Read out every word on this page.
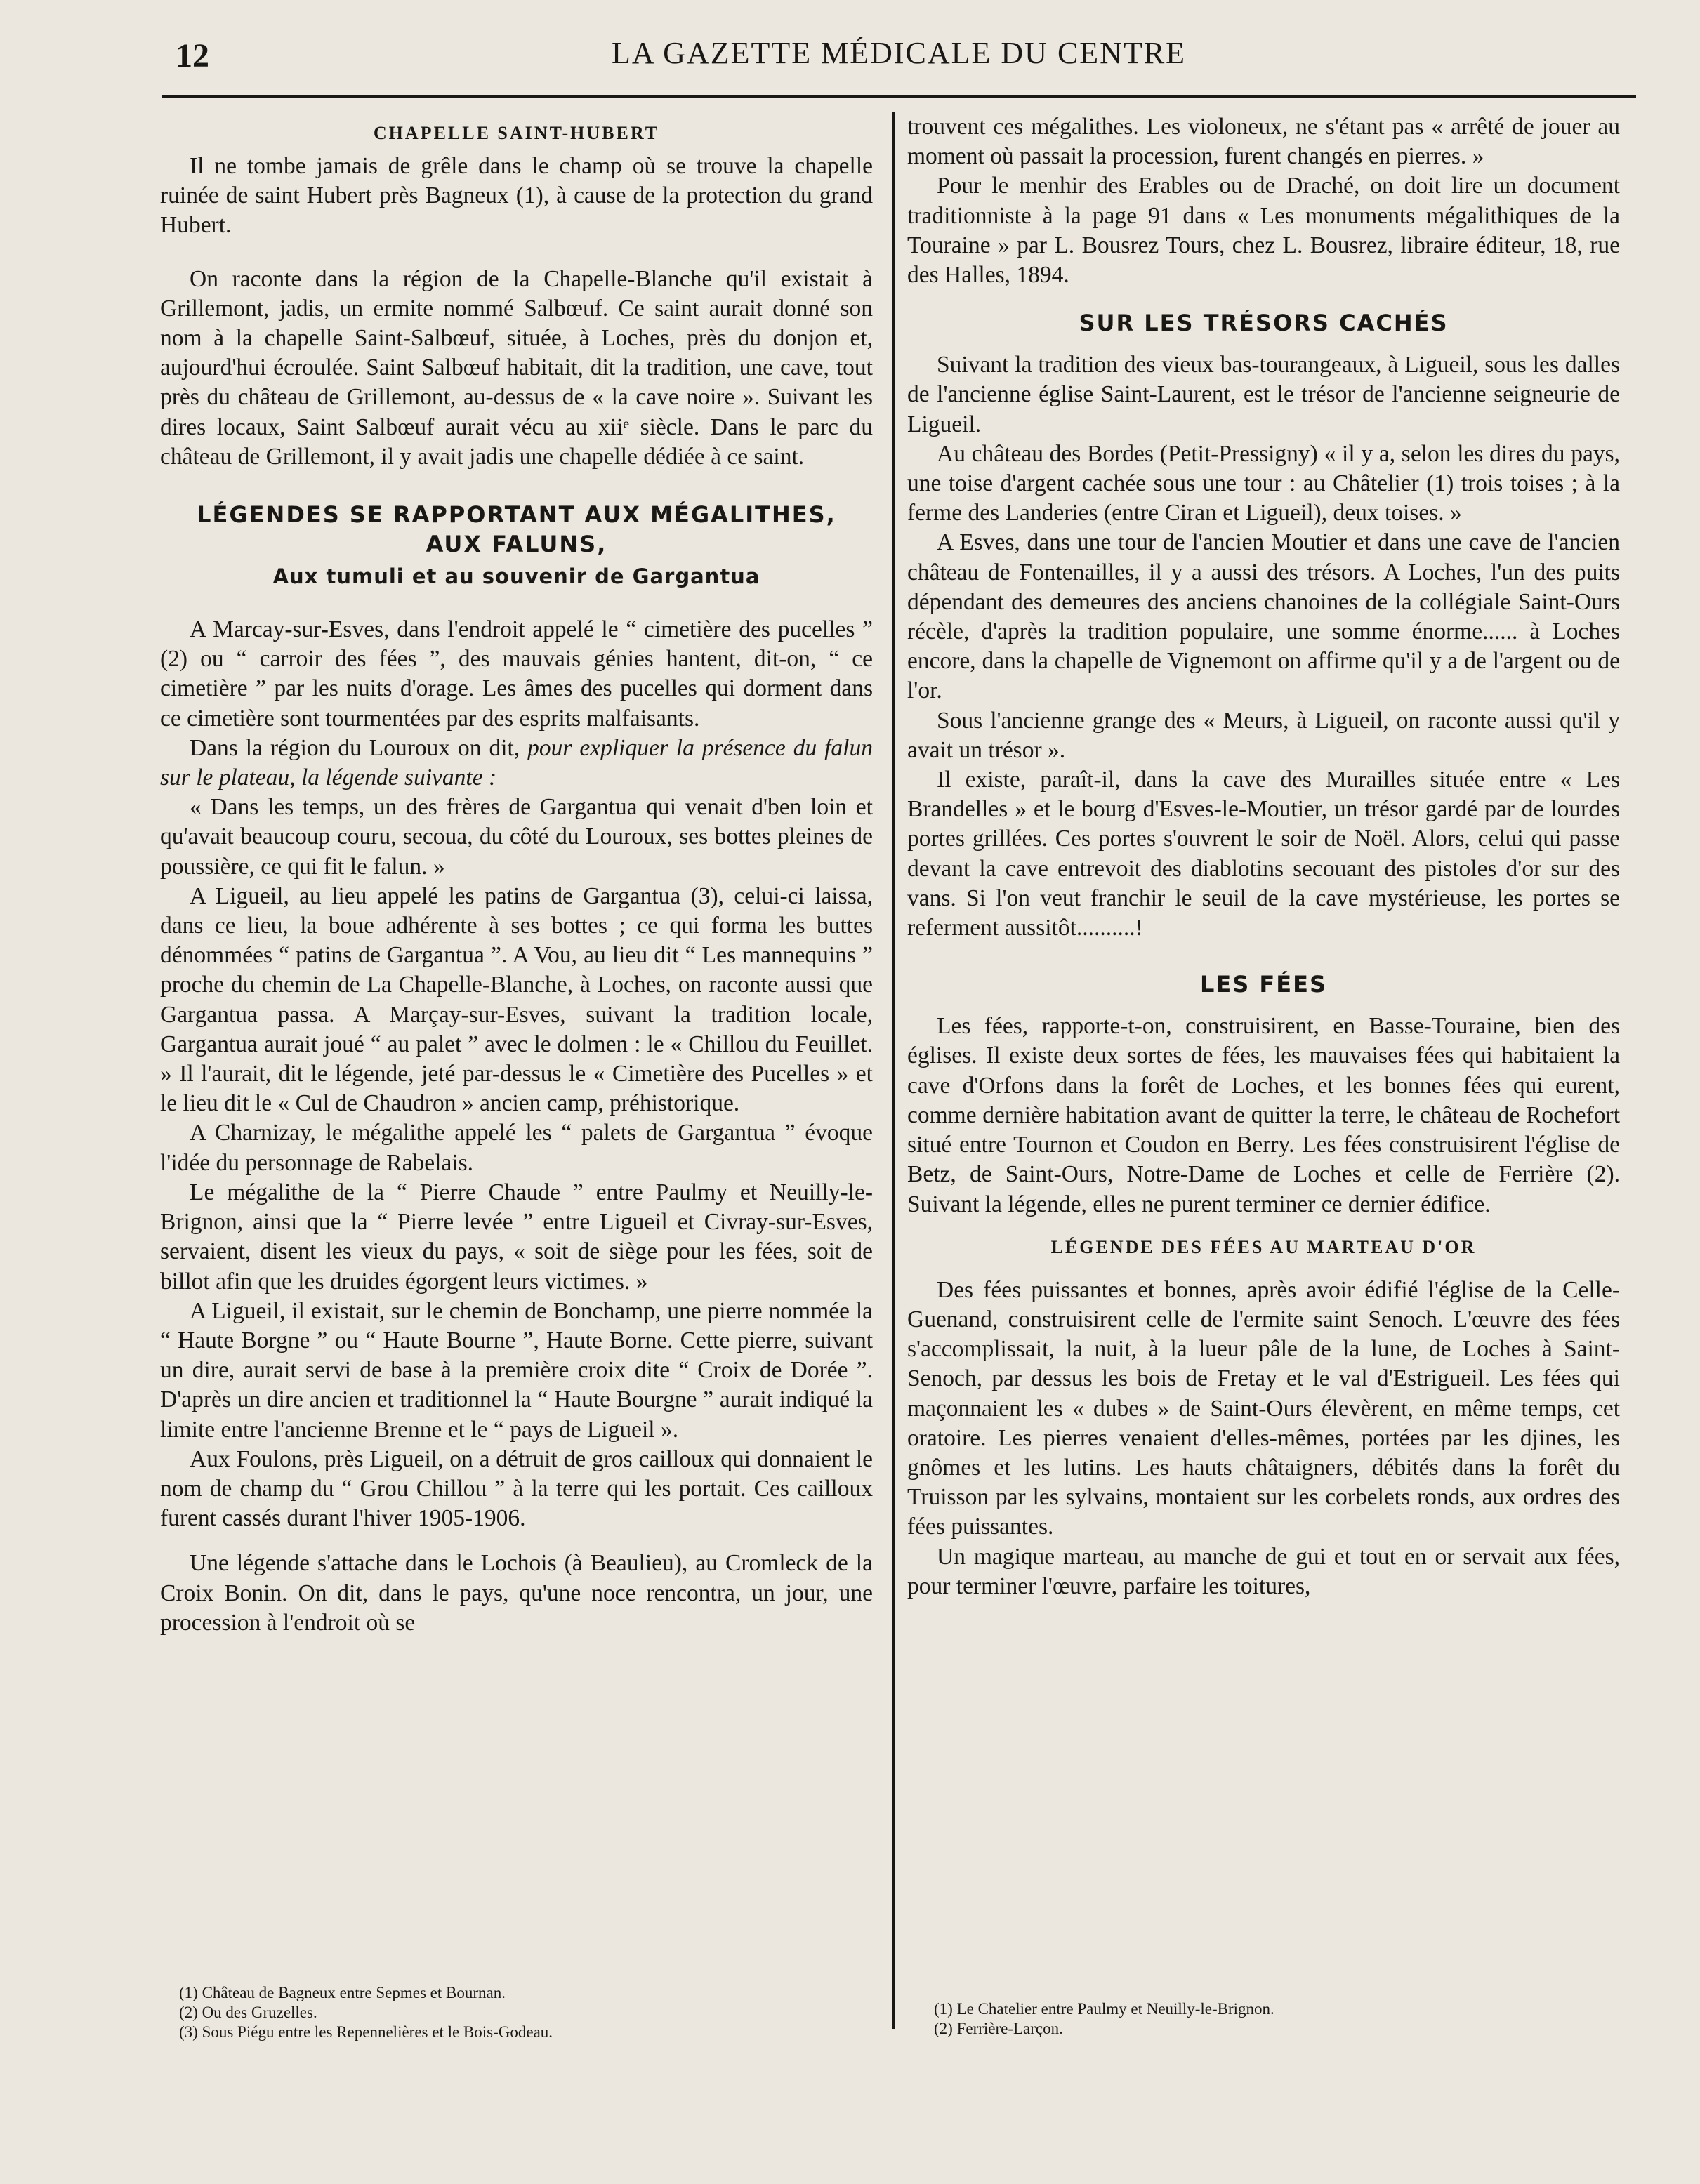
12	LA GAZETTE MÉDICALE DU CENTRE
CHAPELLE SAINT-HUBERT

Il ne tombe jamais de grêle dans le champ où se trouve la chapelle ruinée de saint Hubert près Bagneux (1), à cause de la protection du grand Hubert.

On raconte dans la région de la Chapelle-Blanche qu'il existait à Grillemont, jadis, un ermite nommé Salbœuf. Ce saint aurait donné son nom à la chapelle Saint-Salbœuf, située, à Loches, près du donjon et, aujourd'hui écroulée. Saint Salbœuf habitait, dit la tradition, une cave, tout près du château de Grillemont, au-dessus de « la cave noire ». Suivant les dires locaux, Saint Salbœuf aurait vécu au xiiᵉ siècle. Dans le parc du château de Grillemont, il y avait jadis une chapelle dédiée à ce saint.

LÉGENDES SE RAPPORTANT AUX MÉGALITHES,
AUX FALUNS,
Aux tumuli et au souvenir de Gargantua

A Marcay-sur-Esves, dans l'endroit appelé le “ cimetière des pucelles ” (2) ou “ carroir des fées ”, des mauvais génies hantent, dit-on, “ ce cimetière ” par les nuits d'orage. Les âmes des pucelles qui dorment dans ce cimetière sont tourmentées par des esprits malfaisants.

Dans la région du Louroux on dit, pour expliquer la présence du falun sur le plateau, la légende suivante :

« Dans les temps, un des frères de Gargantua qui venait d'ben loin et qu'avait beaucoup couru, secoua, du côté du Louroux, ses bottes pleines de poussière, ce qui fit le falun. »

A Ligueil, au lieu appelé les patins de Gargantua (3), celui-ci laissa, dans ce lieu, la boue adhérente à ses bottes ; ce qui forma les buttes dénommées “ patins de Gargantua ”. A Vou, au lieu dit “ Les mannequins ” proche du chemin de La Chapelle-Blanche, à Loches, on raconte aussi que Gargantua passa. A Marçay-sur-Esves, suivant la tradition locale, Gargantua aurait joué “ au palet ” avec le dolmen : le « Chillou du Feuillet. » Il l'aurait, dit le légende, jeté par-dessus le « Cimetière des Pucelles » et le lieu dit le « Cul de Chaudron » ancien camp, préhistorique.

A Charnizay, le mégalithe appelé les “ palets de Gargantua ” évoque l'idée du personnage de Rabelais.

Le mégalithe de la “ Pierre Chaude ” entre Paulmy et Neuilly-le-Brignon, ainsi que la “ Pierre levée ” entre Ligueil et Civray-sur-Esves, servaient, disent les vieux du pays, « soit de siège pour les fées, soit de billot afin que les druides égorgent leurs victimes. »

A Ligueil, il existait, sur le chemin de Bonchamp, une pierre nommée la “ Haute Borgne ” ou “ Haute Bourne ”, Haute Borne. Cette pierre, suivant un dire, aurait servi de base à la première croix dite “ Croix de Dorée ”. D'après un dire ancien et traditionnel la “ Haute Bourgne ” aurait indiqué la limite entre l'ancienne Brenne et le “ pays de Ligueil ».

Aux Foulons, près Ligueil, on a détruit de gros cailloux qui donnaient le nom de champ du “ Grou Chillou ” à la terre qui les portait. Ces cailloux furent cassés durant l'hiver 1905-1906.

Une légende s'attache dans le Lochois (à Beaulieu), au Cromleck de la Croix Bonin. On dit, dans le pays, qu'une noce rencontra, un jour, une procession à l'endroit où se

trouvent ces mégalithes. Les violoneux, ne s'étant pas « arrêté de jouer au moment où passait la procession, furent changés en pierres. »

Pour le menhir des Erables ou de Draché, on doit lire un document traditionniste à la page 91 dans « Les monuments mégalithiques de la Touraine » par L. Bousrez Tours, chez L. Bousrez, libraire éditeur, 18, rue des Halles, 1894.

SUR LES TRÉSORS CACHÉS

Suivant la tradition des vieux bas-tourangeaux, à Ligueil, sous les dalles de l'ancienne église Saint-Laurent, est le trésor de l'ancienne seigneurie de Ligueil.

Au château des Bordes (Petit-Pressigny) « il y a, selon les dires du pays, une toise d'argent cachée sous une tour : au Châtelier (1) trois toises ; à la ferme des Landeries (entre Ciran et Ligueil), deux toises. »

A Esves, dans une tour de l'ancien Moutier et dans une cave de l'ancien château de Fontenailles, il y a aussi des trésors. A Loches, l'un des puits dépendant des demeures des anciens chanoines de la collégiale Saint-Ours récèle, d'après la tradition populaire, une somme énorme...... à Loches encore, dans la chapelle de Vignemont on affirme qu'il y a de l'argent ou de l'or.

Sous l'ancienne grange des « Meurs, à Ligueil, on raconte aussi qu'il y avait un trésor ».

Il existe, paraît-il, dans la cave des Murailles située entre « Les Brandelles » et le bourg d'Esves-le-Moutier, un trésor gardé par de lourdes portes grillées. Ces portes s'ouvrent le soir de Noël. Alors, celui qui passe devant la cave entrevoit des diablotins secouant des pistoles d'or sur des vans. Si l'on veut franchir le seuil de la cave mystérieuse, les portes se referment aussitôt..........!

LES FÉES

Les fées, rapporte-t-on, construisirent, en Basse-Touraine, bien des églises. Il existe deux sortes de fées, les mauvaises fées qui habitaient la cave d'Orfons dans la forêt de Loches, et les bonnes fées qui eurent, comme dernière habitation avant de quitter la terre, le château de Rochefort situé entre Tournon et Coudon en Berry. Les fées construisirent l'église de Betz, de Saint-Ours, Notre-Dame de Loches et celle de Ferrière (2). Suivant la légende, elles ne purent terminer ce dernier édifice.

LÉGENDE DES FÉES AU MARTEAU D'OR

Des fées puissantes et bonnes, après avoir édifié l'église de la Celle-Guenand, construisirent celle de l'ermite saint Senoch. L'œuvre des fées s'accomplissait, la nuit, à la lueur pâle de la lune, de Loches à Saint-Senoch, par dessus les bois de Fretay et le val d'Estrigueil. Les fées qui maçonnaient les « dubes » de Saint-Ours élevèrent, en même temps, cet oratoire. Les pierres venaient d'elles-mêmes, portées par les djines, les gnômes et les lutins. Les hauts châtaigners, débités dans la forêt du Truisson par les sylvains, montaient sur les corbelets ronds, aux ordres des fées puissantes.

Un magique marteau, au manche de gui et tout en or servait aux fées, pour terminer l'œuvre, parfaire les toitures,

(1) Château de Bagneux entre Sepmes et Bournan.
(2) Ou des Gruzelles.
(3) Sous Piégu entre les Repennelières et le Bois-Godeau.
(1) Le Chatelier entre Paulmy et Neuilly-le-Brignon.
(2) Ferrière-Larçon.
